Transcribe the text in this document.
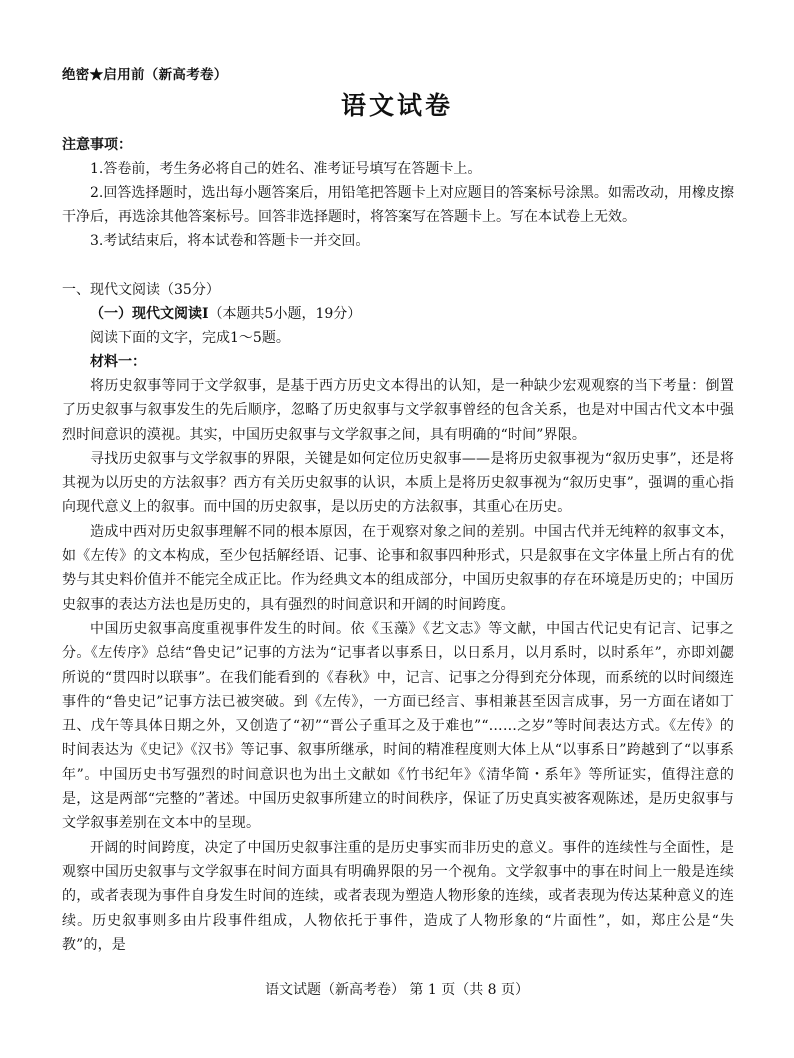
绝密★启用前（新高考卷）
语文试卷
注意事项：

1.答卷前，考生务必将自己的姓名、准考证号填写在答题卡上。

2.回答选择题时，选出每小题答案后，用铅笔把答题卡上对应题目的答案标号涂黑。如需改动，用橡皮擦干净后，再选涂其他答案标号。回答非选择题时，将答案写在答题卡上。写在本试卷上无效。

3.考试结束后，将本试卷和答题卡一并交回。

一、现代文阅读（35分）
（一）现代文阅读Ⅰ（本题共5小题，19分）
阅读下面的文字，完成1～5题。
材料一：

将历史叙事等同于文学叙事，是基于西方历史文本得出的认知，是一种缺少宏观观察的当下考量：倒置了历史叙事与叙事发生的先后顺序，忽略了历史叙事与文学叙事曾经的包含关系，也是对中国古代文本中强烈时间意识的漠视。其实，中国历史叙事与文学叙事之间，具有明确的“时间”界限。

寻找历史叙事与文学叙事的界限，关键是如何定位历史叙事——是将历史叙事视为“叙历史事”，还是将其视为以历史的方法叙事？西方有关历史叙事的认识，本质上是将历史叙事视为“叙历史事”，强调的重心指向现代意义上的叙事。而中国的历史叙事，是以历史的方法叙事，其重心在历史。

造成中西对历史叙事理解不同的根本原因，在于观察对象之间的差别。中国古代并无纯粹的叙事文本，如《左传》的文本构成，至少包括解经语、记事、论事和叙事四种形式，只是叙事在文字体量上所占有的优势与其史料价值并不能完全成正比。作为经典文本的组成部分，中国历史叙事的存在环境是历史的；中国历史叙事的表达方法也是历史的，具有强烈的时间意识和开阔的时间跨度。

中国历史叙事高度重视事件发生的时间。依《玉藻》《艺文志》等文献，中国古代记史有记言、记事之分。《左传序》总结“鲁史记”记事的方法为“记事者以事系日，以日系月，以月系时，以时系年”，亦即刘勰所说的“贯四时以联事”。在我们能看到的《春秋》中，记言、记事之分得到充分体现，而系统的以时间缀连事件的“鲁史记”记事方法已被突破。到《左传》，一方面已经言、事相兼甚至因言成事，另一方面在诸如丁丑、戊午等具体日期之外，又创造了“初”“晋公子重耳之及于难也”“……之岁”等时间表达方式。《左传》的时间表达为《史记》《汉书》等记事、叙事所继承，时间的精准程度则大体上从“以事系日”跨越到了“以事系年”。中国历史书写强烈的时间意识也为出土文献如《竹书纪年》《清华简・系年》等所证实，值得注意的是，这是两部“完整的”著述。中国历史叙事所建立的时间秩序，保证了历史真实被客观陈述，是历史叙事与文学叙事差别在文本中的呈现。

开阔的时间跨度，决定了中国历史叙事注重的是历史事实而非历史的意义。事件的连续性与全面性，是观察中国历史叙事与文学叙事在时间方面具有明确界限的另一个视角。文学叙事中的事在时间上一般是连续的，或者表现为事件自身发生时间的连续，或者表现为塑造人物形象的连续，或者表现为传达某种意义的连续。历史叙事则多由片段事件组成，人物依托于事件，造成了人物形象的“片面性”，如，郑庄公是“失教”的，是

语文试题（新高考卷） 第 1 页（共 8 页）
